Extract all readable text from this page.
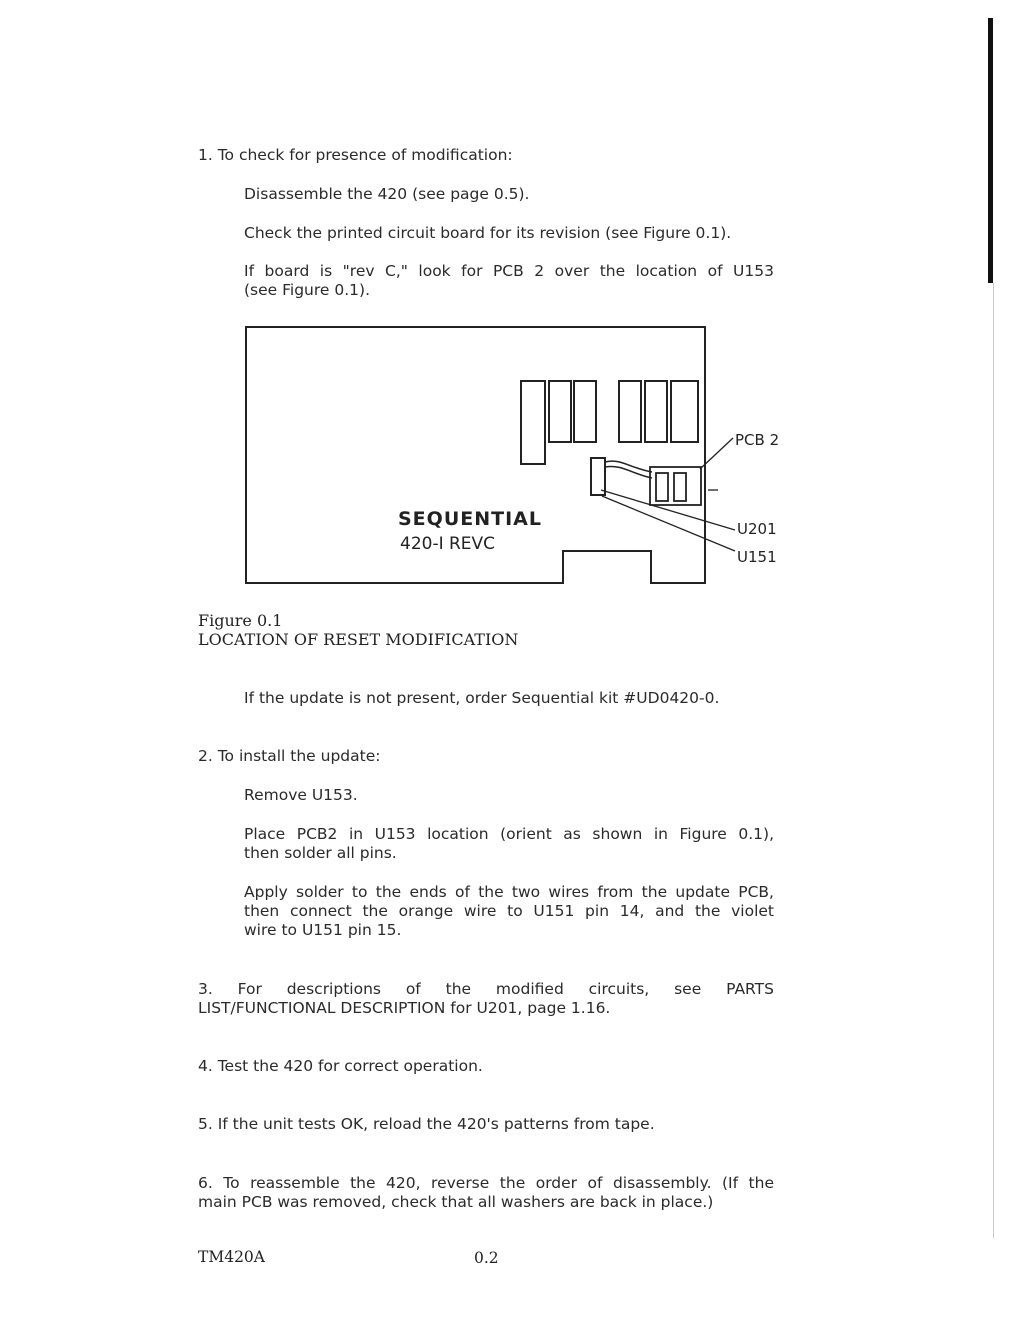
1. To check for presence of modification:
Disassemble the 420 (see page 0.5).
Check the printed circuit board for its revision (see Figure 0.1).
If board is "rev C," look for PCB 2 over the location of U153
(see Figure 0.1).
SEQUENTIAL
420-I REVC
PCB 2
U201
U151
Figure 0.1
LOCATION OF RESET MODIFICATION
If the update is not present, order Sequential kit #UD0420-0.
2. To install the update:
Remove U153.
Place PCB2 in U153 location (orient as shown in Figure 0.1),
then solder all pins.
Apply solder to the ends of the two wires from the update PCB,
then connect the orange wire to U151 pin 14, and the violet
wire to U151 pin 15.
3. For descriptions of the modified circuits, see PARTS
LIST/FUNCTIONAL DESCRIPTION for U201, page 1.16.
4. Test the 420 for correct operation.
5. If the unit tests OK, reload the 420's patterns from tape.
6. To reassemble the 420, reverse the order of disassembly. (If the
main PCB was removed, check that all washers are back in place.)
TM420A	0.2
